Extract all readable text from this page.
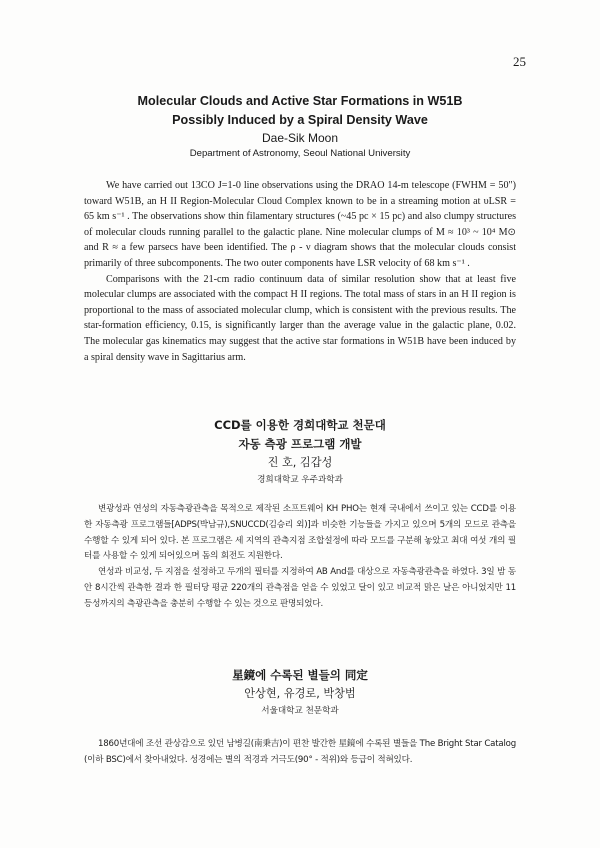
25

Molecular Clouds and Active Star Formations in W51B

Possibly Induced by a Spiral Density Wave

Dae-Sik Moon

Department of Astronomy, Seoul National University

We have carried out 13CO J=1-0 line observations using the DRAO 14-m telescope (FWHM = 50") toward W51B, an H II Region-Molecular Cloud Complex known to be in a streaming motion at υLSR = 65 km s⁻¹ . The observations show thin filamentary structures (~45 pc × 15 pc) and also clumpy structures of molecular clouds running parallel to the galactic plane. Nine molecular clumps of M ≈ 10³ ~ 10⁴ M⊙ and R ≈ a few parsecs have been identified. The ρ - ν diagram shows that the molecular clouds consist primarily of three subcomponents. The two outer components have LSR velocity of 68 km s⁻¹ .

Comparisons with the 21-cm radio continuum data of similar resolution show that at least five molecular clumps are associated with the compact H II regions. The total mass of stars in an H II region is proportional to the mass of associated molecular clump, which is consistent with the previous results. The star-formation efficiency, 0.15, is significantly larger than the average value in the galactic plane, 0.02. The molecular gas kinematics may suggest that the active star formations in W51B have been induced by a spiral density wave in Sagittarius arm.

CCD를 이용한 경희대학교 천문대

자동 측광 프로그램 개발

진 호, 김갑성

경희대학교 우주과학과

변광성과 연성의 자동측광관측을 목적으로 제작된 소프트웨어 KH PHO는 현재 국내에서 쓰이고 있는 CCD를 이용한 자동측광 프로그램들[ADPS(박남규),SNUCCD(김승리 외)]과 비슷한 기능들을 가지고 있으며 5개의 모드로 관측을 수행할 수 있게 되어 있다. 본 프로그램은 세 지역의 관측지점 조합설정에 따라 모드를 구분해 놓았고 최대 여섯 개의 필터를 사용할 수 있게 되어있으며 돔의 회전도 지원한다.

연성과 비교성, 두 지점을 설정하고 두개의 필터를 지정하여 AB And를 대상으로 자동측광관측을 하였다. 3일 밤 동안 8시간씩 관측한 결과 한 필터당 평균 220개의 관측점을 얻을 수 있었고 달이 있고 비교적 맑은 날은 아니었지만 11등성까지의 측광관측을 충분히 수행할 수 있는 것으로 판명되었다.

星鏡에 수록된 별들의 同定

안상현, 유경로, 박창범

서울대학교 천문학과

1860년대에 조선 관상감으로 있던 남병길(南秉吉)이 편찬 발간한 星鏡에 수록된 별들을 The Bright Star Catalog (이하 BSC)에서 찾아내었다. 성경에는 별의 적경과 거극도(90° - 적위)와 등급이 적혀있다.
